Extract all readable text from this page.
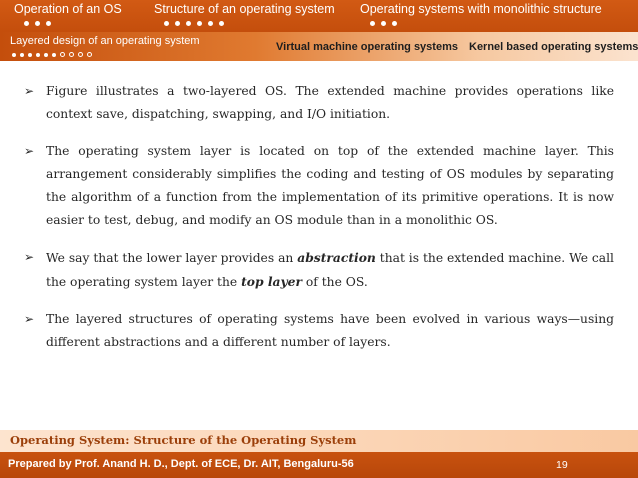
Operation of an OS	Structure of an operating system Operating systems with monolithic structure
Layered design of an operating system	Virtual machine operating systems Kernel based operating systems
➢ Figure illustrates a two-layered OS. The extended machine provides operations like context save, dispatching, swapping, and I/O initiation.
➢ The operating system layer is located on top of the extended machine layer. This arrangement considerably simplifies the coding and testing of OS modules by separating the algorithm of a function from the implementation of its primitive operations. It is now easier to test, debug, and modify an OS module than in a monolithic OS.
➢ We say that the lower layer provides an abstraction that is the extended machine. We call the operating system layer the top layer of the OS.
➢ The layered structures of operating systems have been evolved in various ways—using different abstractions and a different number of layers.
Operating System: Structure of the Operating System
Prepared by Prof. Anand H. D., Dept. of ECE, Dr. AIT, Bengaluru-56	19
